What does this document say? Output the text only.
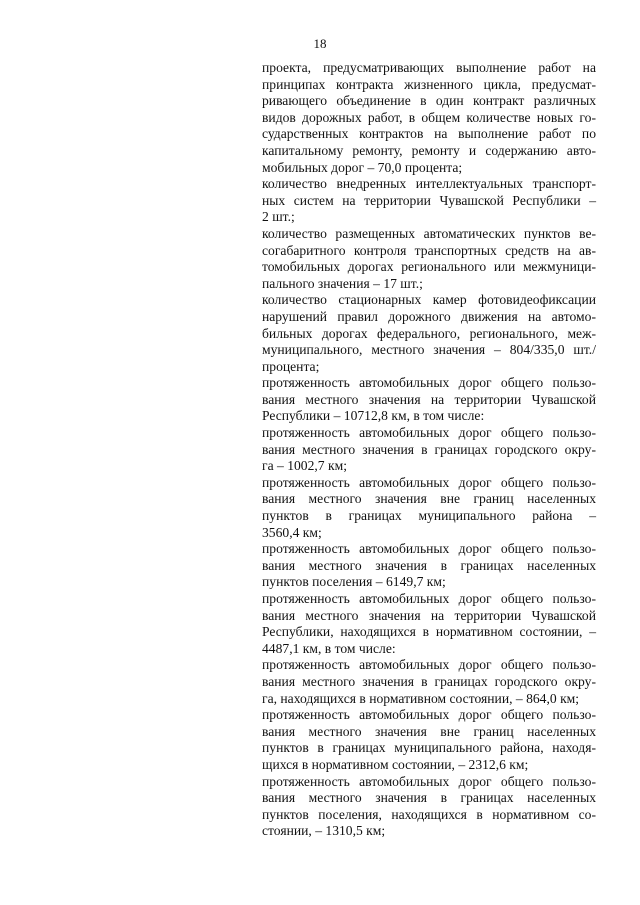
18
проекта, предусматривающих выполнение работ на
принципах контракта жизненного цикла, предусмат-
ривающего объединение в один контракт различных
видов дорожных работ, в общем количестве новых го-
сударственных контрактов на выполнение работ по
капитальному ремонту, ремонту и содержанию авто-
мобильных дорог – 70,0 процента;
количество внедренных интеллектуальных транспорт-
ных систем на территории Чувашской Республики –
2 шт.;
количество размещенных автоматических пунктов ве-
согабаритного контроля транспортных средств на ав-
томобильных дорогах регионального или межмуници-
пального значения – 17 шт.;
количество стационарных камер фотовидеофиксации
нарушений правил дорожного движения на автомо-
бильных дорогах федерального, регионального, меж-
муниципального, местного значения – 804/335,0 шт./
процента;
протяженность автомобильных дорог общего пользо-
вания местного значения на территории Чувашской
Республики – 10712,8 км, в том числе:
протяженность автомобильных дорог общего пользо-
вания местного значения в границах городского окру-
га – 1002,7 км;
протяженность автомобильных дорог общего пользо-
вания местного значения вне границ населенных
пунктов в границах муниципального района –
3560,4 км;
протяженность автомобильных дорог общего пользо-
вания местного значения в границах населенных
пунктов поселения – 6149,7 км;
протяженность автомобильных дорог общего пользо-
вания местного значения на территории Чувашской
Республики, находящихся в нормативном состоянии, –
4487,1 км, в том числе:
протяженность автомобильных дорог общего пользо-
вания местного значения в границах городского окру-
га, находящихся в нормативном состоянии, – 864,0 км;
протяженность автомобильных дорог общего пользо-
вания местного значения вне границ населенных
пунктов в границах муниципального района, находя-
щихся в нормативном состоянии, – 2312,6 км;
протяженность автомобильных дорог общего пользо-
вания местного значения в границах населенных
пунктов поселения, находящихся в нормативном со-
стоянии, – 1310,5 км;
